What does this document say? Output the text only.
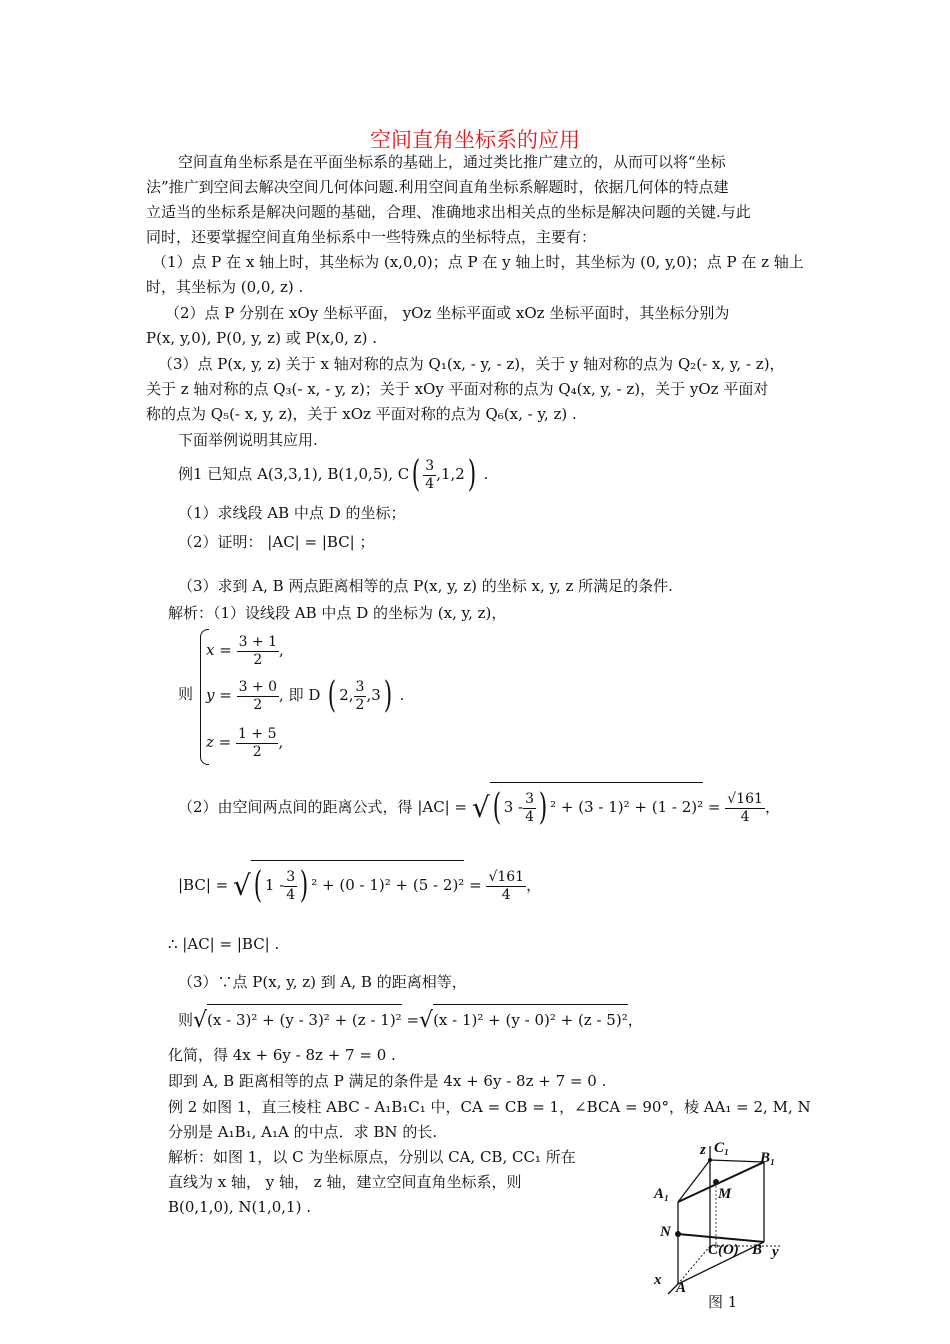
空间直角坐标系的应用
空间直角坐标系是在平面坐标系的基础上，通过类比推广建立的，从而可以将“坐标
法”推广到空间去解决空间几何体问题.利用空间直角坐标系解题时，依据几何体的特点建
立适当的坐标系是解决问题的基础，合理、准确地求出相关点的坐标是解决问题的关键.与此
同时，还要掌握空间直角坐标系中一些特殊点的坐标特点，主要有：
（1）点 P 在 x 轴上时，其坐标为 (x,0,0)；点 P 在 y 轴上时，其坐标为 (0, y,0)；点 P 在 z 轴上
时，其坐标为 (0,0, z) .
（2）点 P 分别在 xOy 坐标平面， yOz 坐标平面或 xOz 坐标平面时，其坐标分别为
P(x, y,0), P(0, y, z) 或 P(x,0, z) .
（3）点 P(x, y, z) 关于 x 轴对称的点为 Q₁(x, - y, - z)，关于 y 轴对称的点为 Q₂(- x, y, - z)，
关于 z 轴对称的点 Q₃(- x, - y, z)；关于 xOy 平面对称的点为 Q₄(x, y, - z)，关于 yOz 平面对
称的点为 Q₅(- x, y, z)，关于 xOz 平面对称的点为 Q₆(x, - y, z) .
下面举例说明其应用.
例1 已知点 A(3,3,1), B(1,0,5), $C( \frac{3}{4} ,1,2)$ .
（1）求线段 AB 中点 D 的坐标；
（2）证明： |AC| = |BC| ；
（3）求到 A, B 两点距离相等的点 P(x, y, z) 的坐标 x, y, z 所满足的条件.
解析：（1）设线段 AB 中点 D 的坐标为 (x, y, z)，
则
$x = \frac{3 + 1}{2}$ ,
$y = \frac{3 + 0}{2}$ , 即 D ( 2, $\frac{3}{2} ,3$) .
$z = \frac{1 + 5}{2}$ ,
（2）由空间两点间的距离公式，得 |AC| = √( $3 - \frac{3}{4}$ ) $^2 + (3 - 1)^2 + (1 - 2)^2 = \frac{√161}{4}$ ，
|BC| = √( $1 - \frac{3}{4}$ ) $^2 + (0 - 1)^2 + (5 - 2)^2 = \frac{√161}{4}$ ，
∴ |AC| = |BC| .
（3）∵点 P(x, y, z) 到 A, B 的距离相等，
则√(x - 3)² + (y - 3)² + (z - 1)² =√(x - 1)² + (y - 0)² + (z - 5)²，
化简，得 4x + 6y - 8z + 7 = 0 .
即到 A, B 距离相等的点 P 满足的条件是 4x + 6y - 8z + 7 = 0 .
例 2 如图 1，直三棱柱 ABC - A₁B₁C₁ 中，CA = CB = 1，∠BCA = 90°，棱 AA₁ = 2, M, N
分别是 A₁B₁, A₁A 的中点．求 BN 的长.
解析：如图 1，以 C 为坐标原点，分别以 CA, CB, CC₁ 所在
直线为 x 轴， y 轴， z 轴，建立空间直角坐标系，则
B(0,1,0), N(1,0,1) .
z C₁
B₁
A₁	M
N
C(O) B y
x A
图 1
